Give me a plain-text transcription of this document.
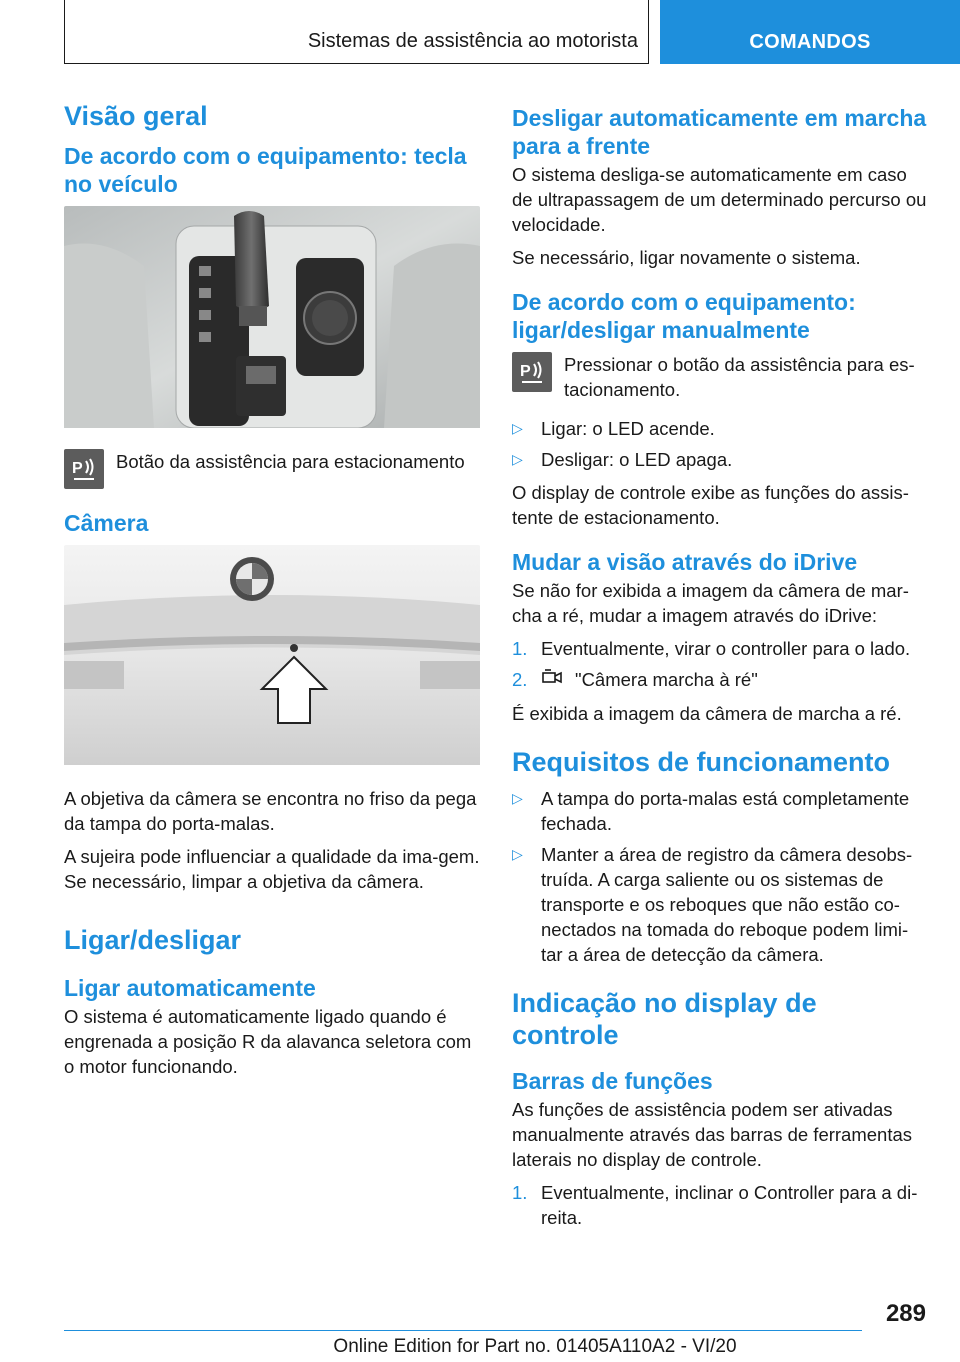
Sistemas de assistência ao motorista	COMANDOS
Visão geral
De acordo com o equipamento: tecla no veículo
P Botão da assistência para estacionamento
Câmera

A objetiva da câmera se encontra no friso da pega da tampa do porta-malas.

A sujeira pode influenciar a qualidade da ima-gem. Se necessário, limpar a objetiva da câmera.

Ligar/desligar
Ligar automaticamente

O sistema é automaticamente ligado quando é engrenada a posição R da alavanca seletora com o motor funcionando.

Desligar automaticamente em marcha para a frente

O sistema desliga-se automaticamente em caso de ultrapassagem de um determinado percurso ou velocidade.

Se necessário, ligar novamente o sistema.

De acordo com o equipamento: ligar/desligar manualmente
P Pressionar o botão da assistência para es-tacionamento.
▷ Ligar: o LED acende.
▷ Desligar: o LED apaga.

O display de controle exibe as funções do assis-tente de estacionamento.

Mudar a visão através do iDrive

Se não for exibida a imagem da câmera de mar-cha a ré, mudar a imagem através do iDrive:

1. Eventualmente, virar o controller para o lado.
2.	"Câmera marcha à ré"

É exibida a imagem da câmera de marcha a ré.

Requisitos de funcionamento
▷ A tampa do porta-malas está completamente fechada.
▷ Manter a área de registro da câmera desobs-truída. A carga saliente ou os sistemas de transporte e os reboques que não estão co-nectados na tomada do reboque podem limi-tar a área de detecção da câmera.
Indicação no display de controle
Barras de funções

As funções de assistência podem ser ativadas manualmente através das barras de ferramentas laterais no display de controle.

1. Eventualmente, inclinar o Controller para a di-reita.
289
Online Edition for Part no. 01405A110A2 - VI/20
